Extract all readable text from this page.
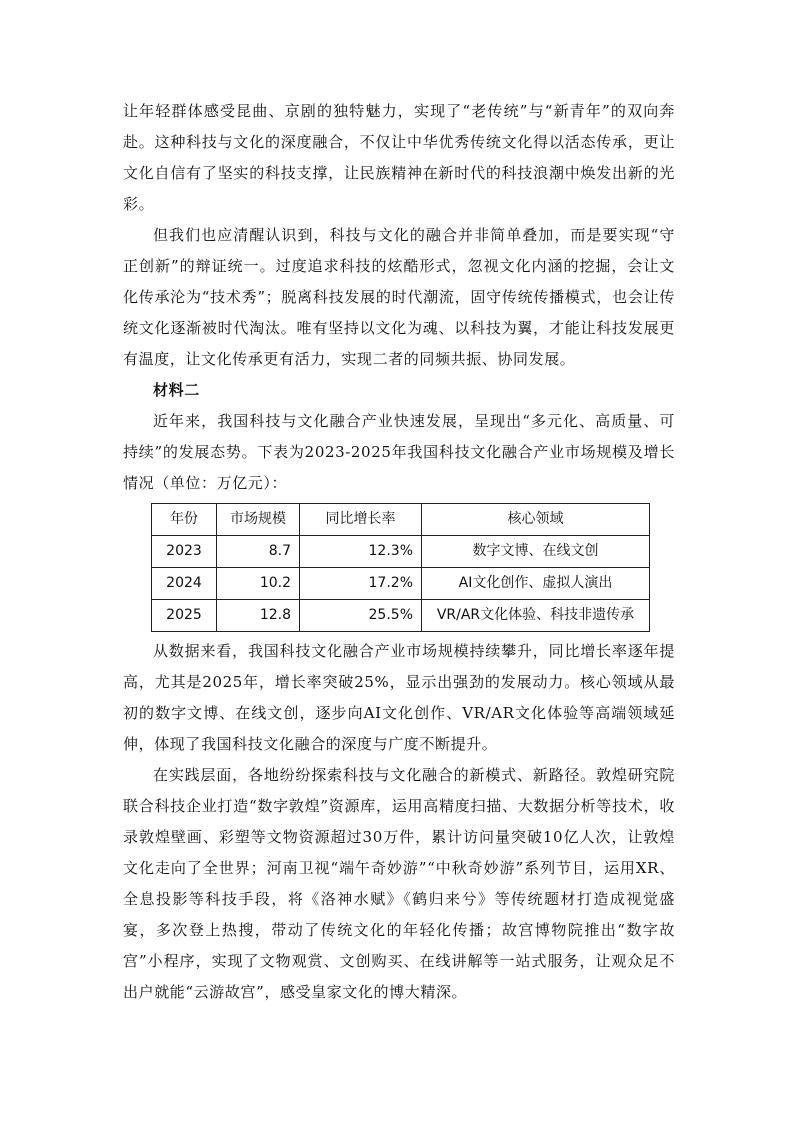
让年轻群体感受昆曲、京剧的独特魅力，实现了“老传统”与“新青年”的双向奔赴。这种科技与文化的深度融合，不仅让中华优秀传统文化得以活态传承，更让文化自信有了坚实的科技支撑，让民族精神在新时代的科技浪潮中焕发出新的光彩。

但我们也应清醒认识到，科技与文化的融合并非简单叠加，而是要实现“守正创新”的辩证统一。过度追求科技的炫酷形式，忽视文化内涵的挖掘，会让文化传承沦为“技术秀”；脱离科技发展的时代潮流，固守传统传播模式，也会让传统文化逐渐被时代淘汰。唯有坚持以文化为魂、以科技为翼，才能让科技发展更有温度，让文化传承更有活力，实现二者的同频共振、协同发展。

材料二

近年来，我国科技与文化融合产业快速发展，呈现出“多元化、高质量、可持续”的发展态势。下表为2023-2025年我国科技文化融合产业市场规模及增长情况（单位：万亿元）：

年份	市场规模	同比增长率	核心领域
2023	8.7	12.3%	数字文博、在线文创
2024	10.2	17.2%	AI文化创作、虚拟人演出
2025	12.8	25.5%	VR/AR文化体验、科技非遗传承

从数据来看，我国科技文化融合产业市场规模持续攀升，同比增长率逐年提高，尤其是2025年，增长率突破25%，显示出强劲的发展动力。核心领域从最初的数字文博、在线文创，逐步向AI文化创作、VR/AR文化体验等高端领域延伸，体现了我国科技文化融合的深度与广度不断提升。

在实践层面，各地纷纷探索科技与文化融合的新模式、新路径。敦煌研究院联合科技企业打造“数字敦煌”资源库，运用高精度扫描、大数据分析等技术，收录敦煌壁画、彩塑等文物资源超过30万件，累计访问量突破10亿人次，让敦煌文化走向了全世界；河南卫视“端午奇妙游”“中秋奇妙游”系列节目，运用XR、全息投影等科技手段，将《洛神水赋》《鹤归来兮》等传统题材打造成视觉盛宴，多次登上热搜，带动了传统文化的年轻化传播；故宫博物院推出“数字故宫”小程序，实现了文物观赏、文创购买、在线讲解等一站式服务，让观众足不出户就能“云游故宫”，感受皇家文化的博大精深。
